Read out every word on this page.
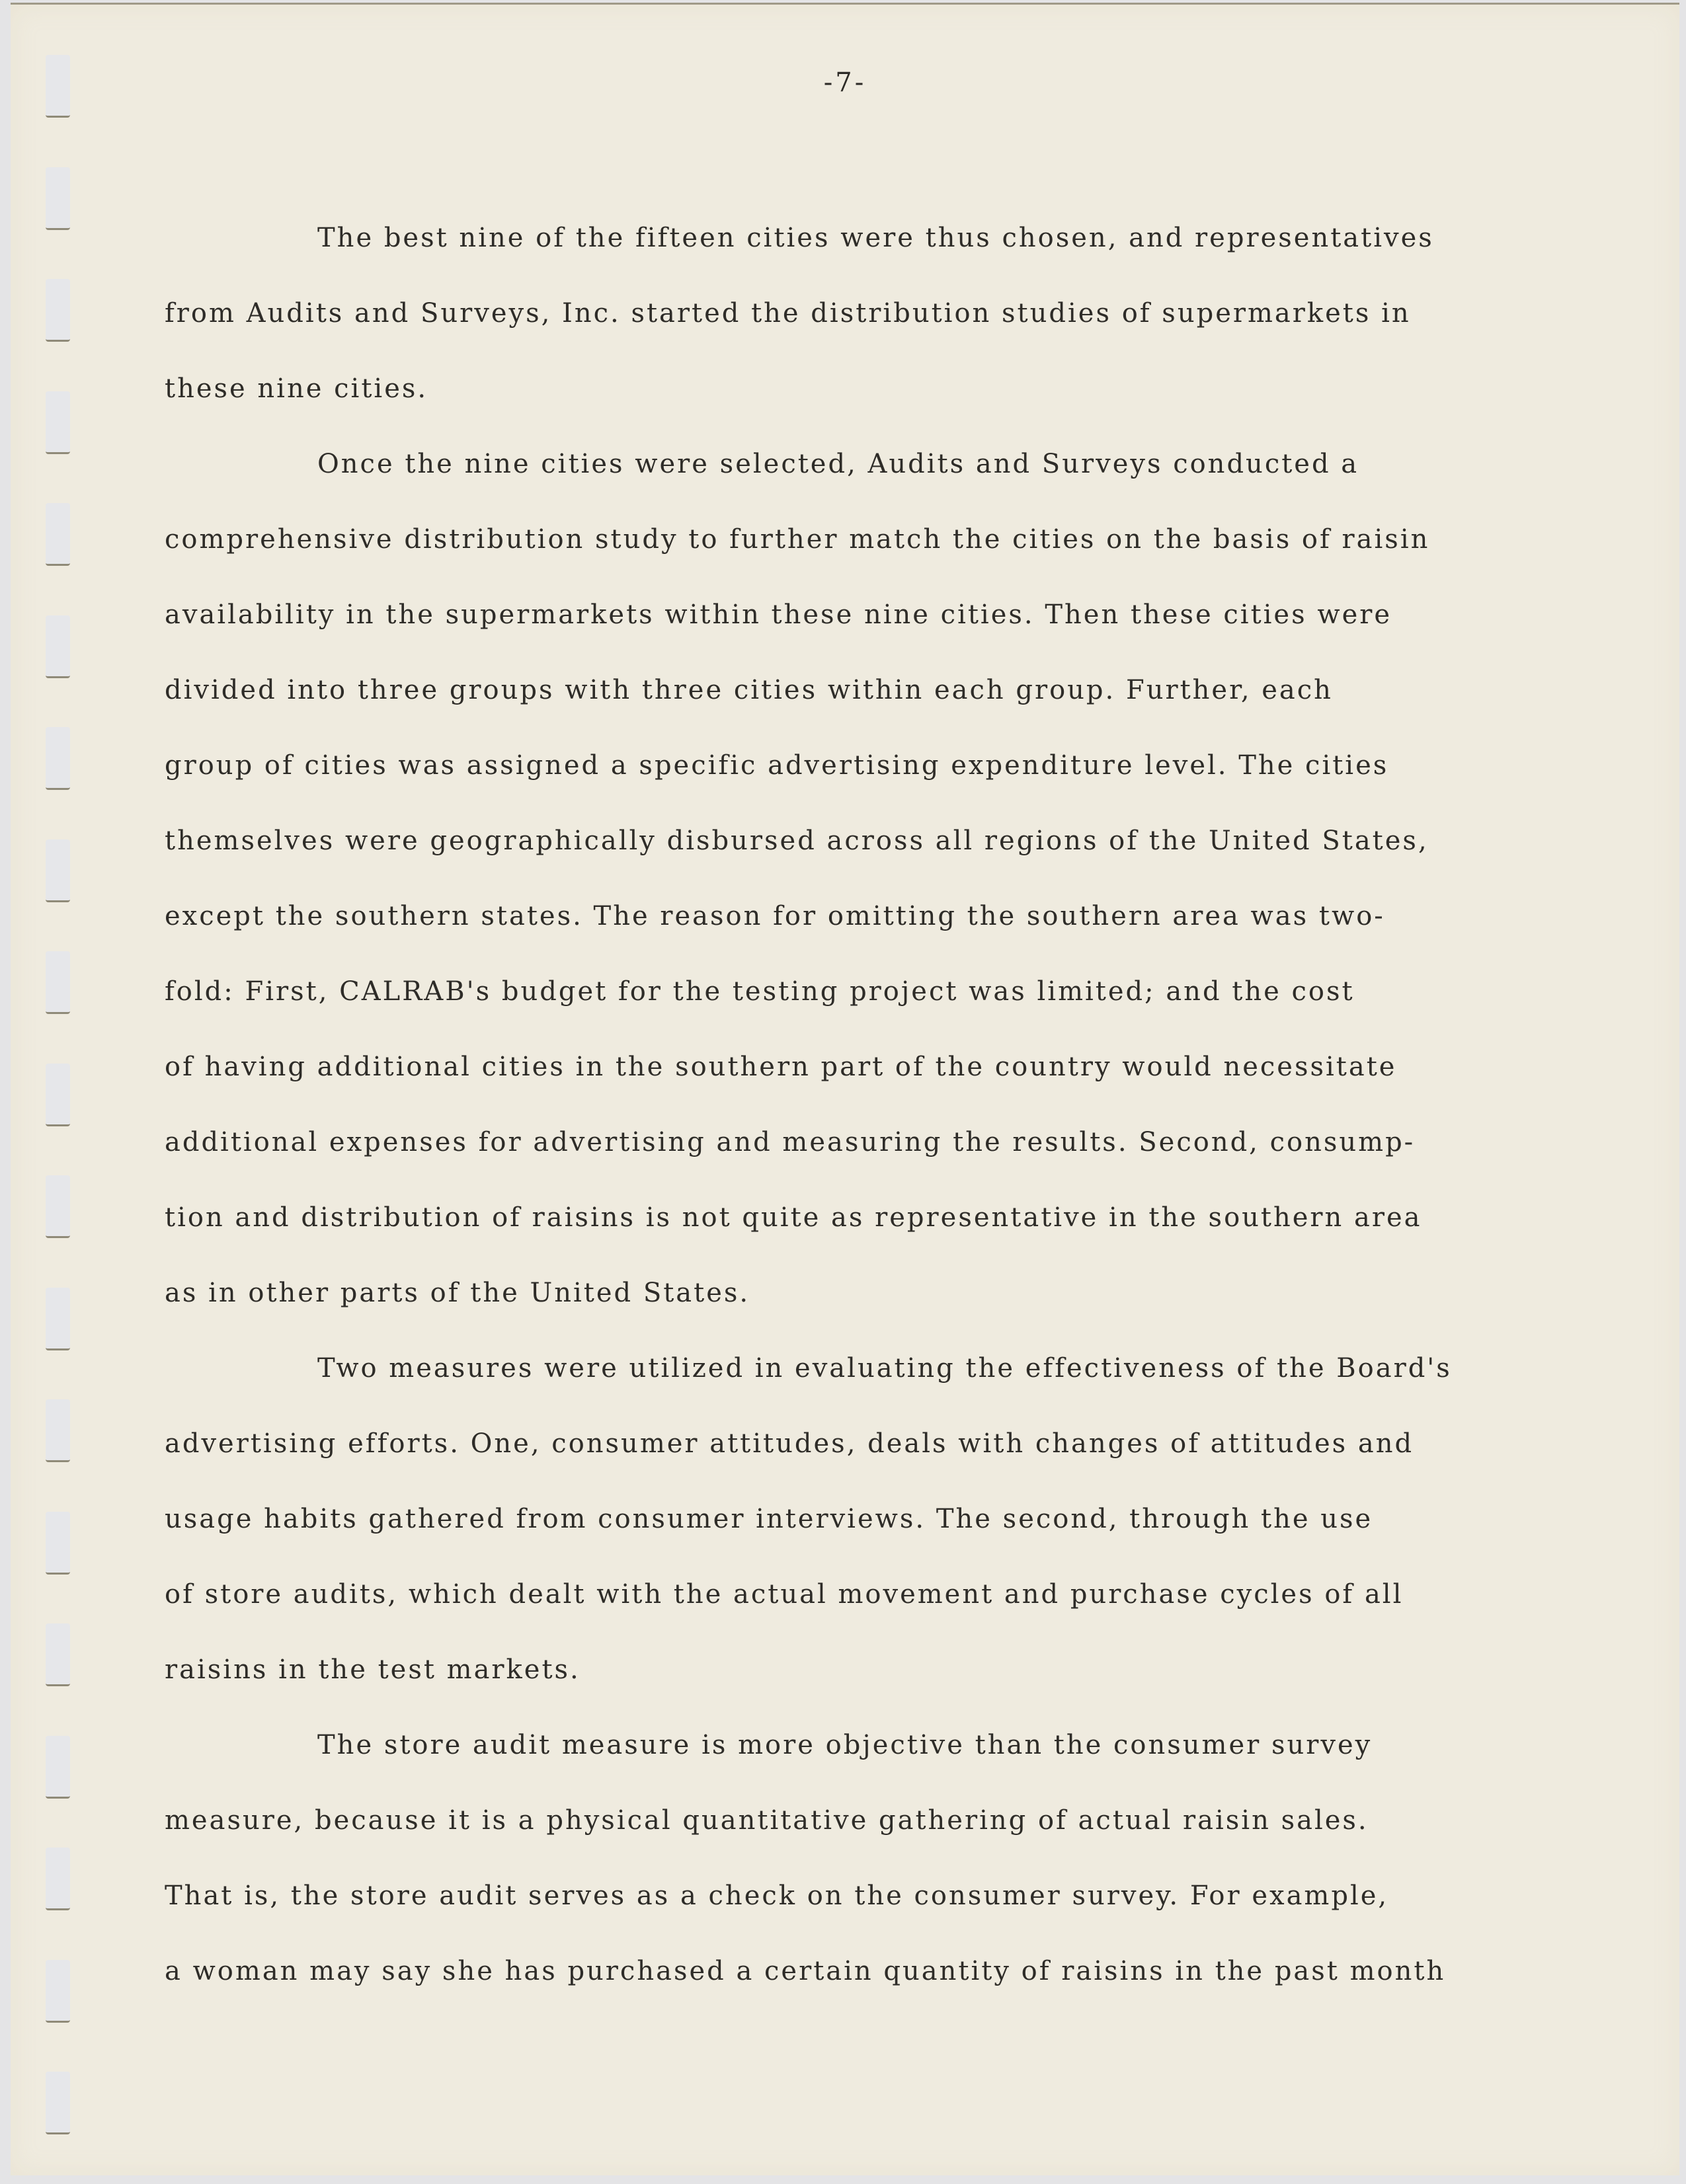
-7-
The best nine of the fifteen cities were thus chosen, and representatives
from Audits and Surveys, Inc. started the distribution studies of supermarkets in
these nine cities.
Once the nine cities were selected, Audits and Surveys conducted a
comprehensive distribution study to further match the cities on the basis of raisin
availability in the supermarkets within these nine cities. Then these cities were
divided into three groups with three cities within each group. Further, each
group of cities was assigned a specific advertising expenditure level. The cities
themselves were geographically disbursed across all regions of the United States,
except the southern states. The reason for omitting the southern area was two-
fold: First, CALRAB's budget for the testing project was limited; and the cost
of having additional cities in the southern part of the country would necessitate
additional expenses for advertising and measuring the results. Second, consump-
tion and distribution of raisins is not quite as representative in the southern area
as in other parts of the United States.
Two measures were utilized in evaluating the effectiveness of the Board's
advertising efforts. One, consumer attitudes, deals with changes of attitudes and
usage habits gathered from consumer interviews. The second, through the use
of store audits, which dealt with the actual movement and purchase cycles of all
raisins in the test markets.
The store audit measure is more objective than the consumer survey
measure, because it is a physical quantitative gathering of actual raisin sales.
That is, the store audit serves as a check on the consumer survey. For example,
a woman may say she has purchased a certain quantity of raisins in the past month
